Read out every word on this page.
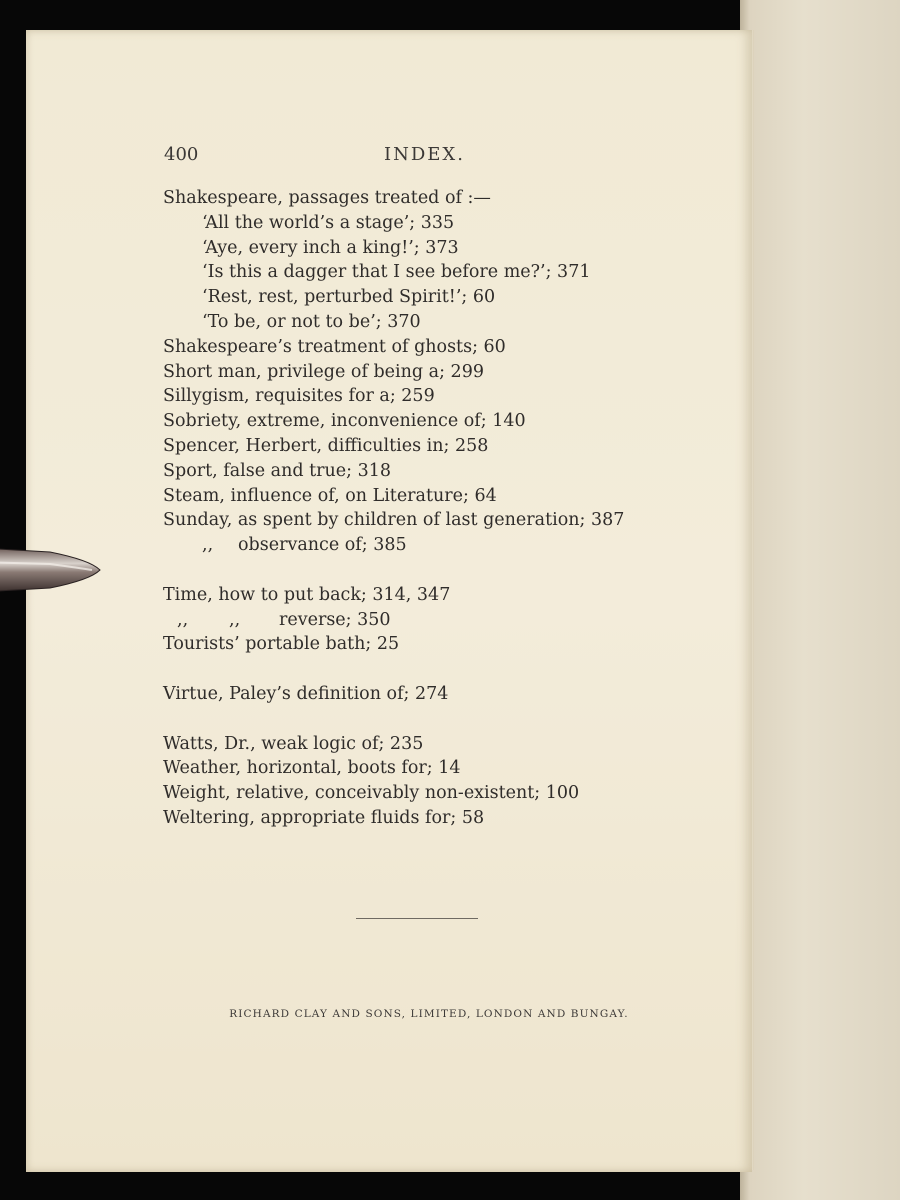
400	INDEX.
Shakespeare, passages treated of :—
‘All the world’s a stage’; 335
‘Aye, every inch a king!’; 373
‘Is this a dagger that I see before me?’; 371
‘Rest, rest, perturbed Spirit!’; 60
‘To be, or not to be’; 370
Shakespeare’s treatment of ghosts; 60
Short man, privilege of being a; 299
Sillygism, requisites for a; 259
Sobriety, extreme, inconvenience of; 140
Spencer, Herbert, difficulties in; 258
Sport, false and true; 318
Steam, influence of, on Literature; 64
Sunday, as spent by children of last generation; 387
,, observance of; 385
Time, how to put back; 314, 347
,, ,, reverse; 350
Tourists’ portable bath; 25
Virtue, Paley’s definition of; 274
Watts, Dr., weak logic of; 235
Weather, horizontal, boots for; 14
Weight, relative, conceivably non-existent; 100
Weltering, appropriate fluids for; 58
RICHARD CLAY AND SONS, LIMITED, LONDON AND BUNGAY.
